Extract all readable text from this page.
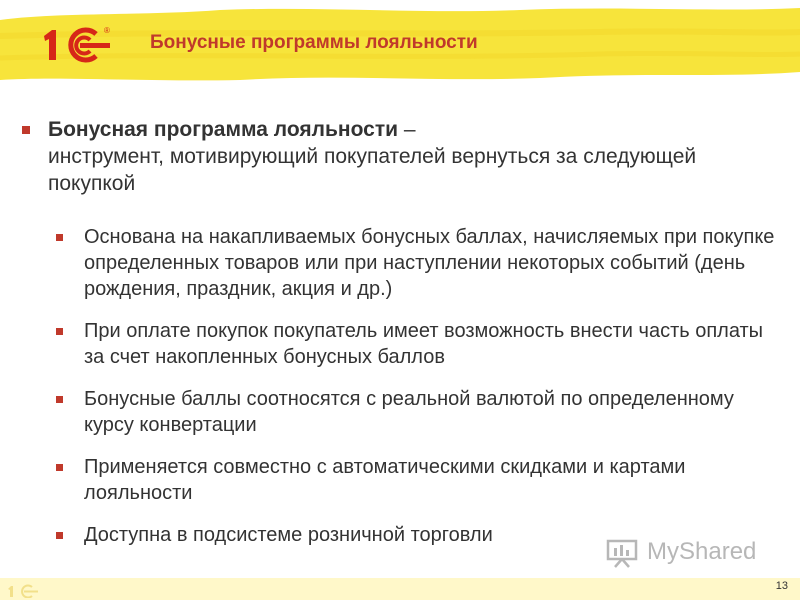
®
Бонусные программы лояльности
Бонусная программа лояльности –
инструмент, мотивирующий покупателей вернуться за следующей покупкой
Основана на накапливаемых бонусных баллах, начисляемых при покупке определенных товаров или при наступлении некоторых событий (день рождения, праздник, акция и др.)
При оплате покупок покупатель имеет возможность внести часть оплаты за счет накопленных бонусных баллов
Бонусные баллы соотносятся с реальной валютой по определенному курсу конвертации
Применяется совместно с автоматическими скидками и картами лояльности
Доступна в подсистеме розничной торговли
MyShared
13
